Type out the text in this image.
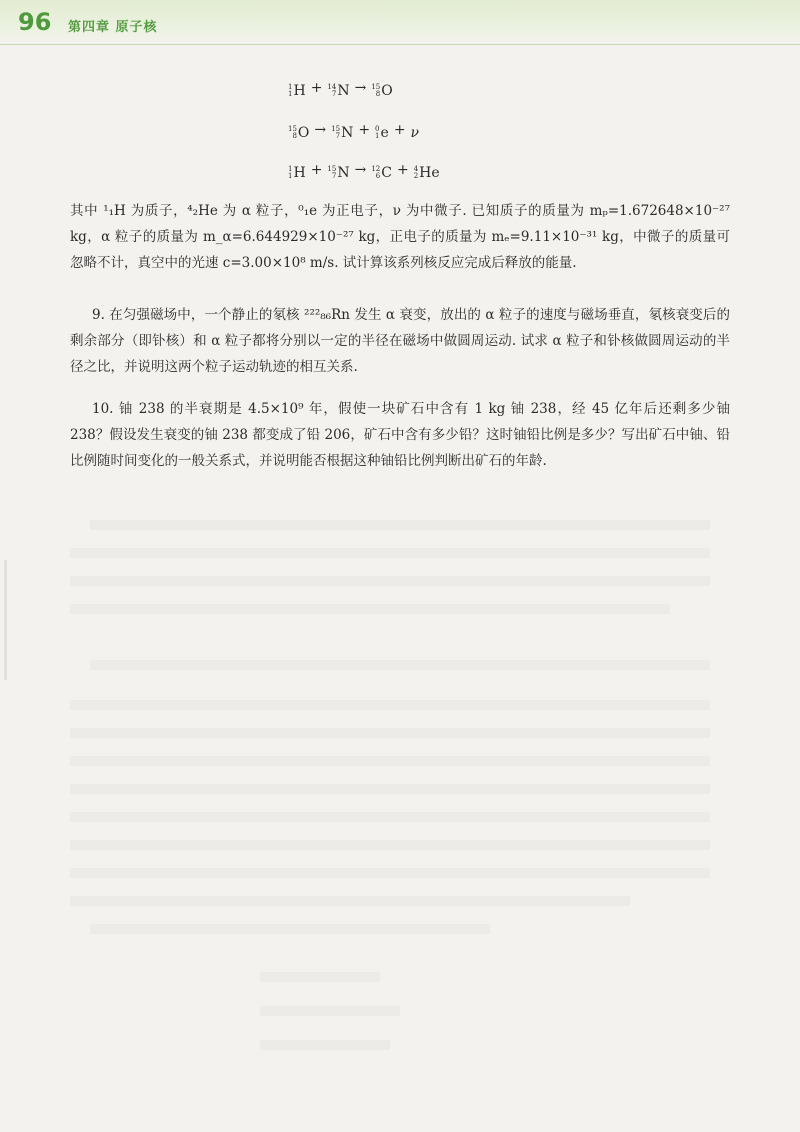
96 第四章 原子核
1
1 H + 14
7 N → 15
8 O
15
8 O → 15
7 N + 0
1 e + ν
1
1 H + 15
7 N → 12
6 C + 4
2 He

其中 ¹₁H 为质子，⁴₂He 为 α 粒子，⁰₁e 为正电子，ν 为中微子. 已知质子的质量为 mₚ=1.672648×10⁻²⁷ kg，α 粒子的质量为 m_α=6.644929×10⁻²⁷ kg，正电子的质量为 mₑ=9.11×10⁻³¹ kg，中微子的质量可忽略不计，真空中的光速 c=3.00×10⁸ m/s. 试计算该系列核反应完成后释放的能量.

9. 在匀强磁场中，一个静止的氡核 ²²²₈₆Rn 发生 α 衰变，放出的 α 粒子的速度与磁场垂直，氡核衰变后的剩余部分（即钋核）和 α 粒子都将分别以一定的半径在磁场中做圆周运动. 试求 α 粒子和钋核做圆周运动的半径之比，并说明这两个粒子运动轨迹的相互关系.

10. 铀 238 的半衰期是 4.5×10⁹ 年，假使一块矿石中含有 1 kg 铀 238，经 45 亿年后还剩多少铀 238？假设发生衰变的铀 238 都变成了铅 206，矿石中含有多少铅？这时铀铅比例是多少？写出矿石中铀、铅比例随时间变化的一般关系式，并说明能否根据这种铀铅比例判断出矿石的年龄.
